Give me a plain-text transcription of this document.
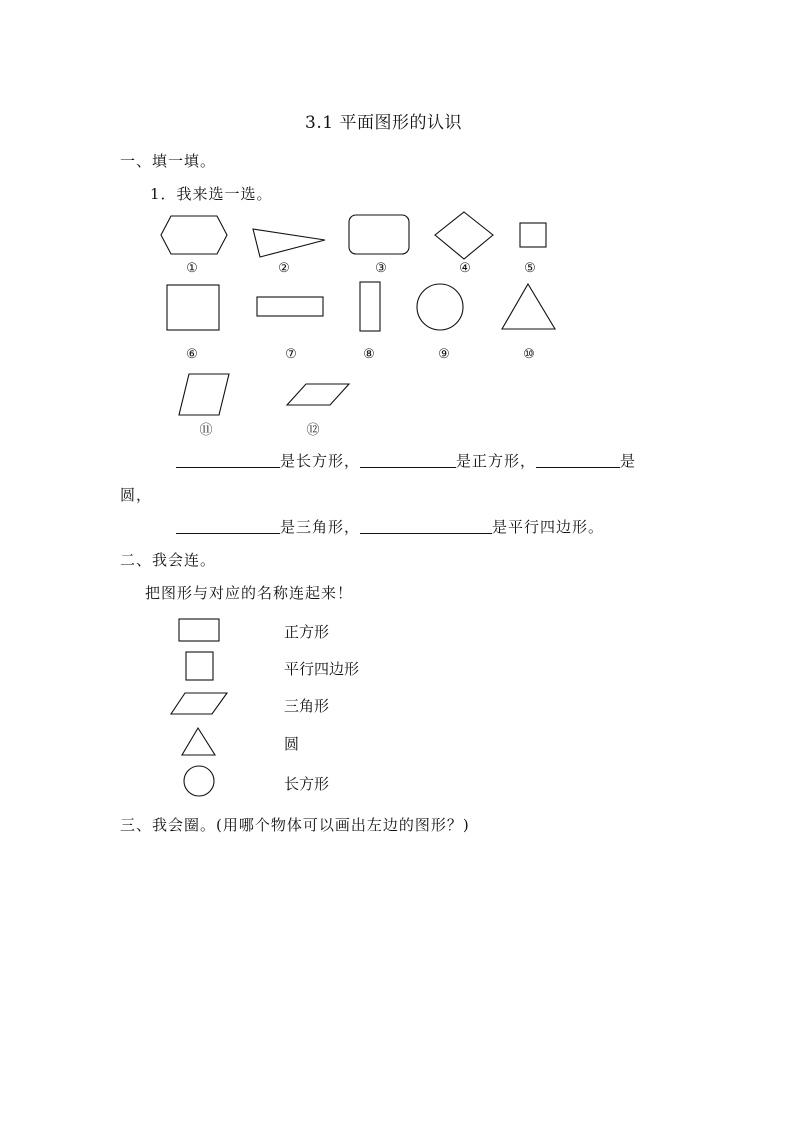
3.1 平面图形的认识
一、填一填。
1．我来选一选。
①	②	③	④	⑤
⑥	⑦	⑧	⑨	⑩
⑪	⑫
是长方形，	是正方形，	是
圆，
是三角形，	是平行四边形。
二、我会连。
把图形与对应的名称连起来！
正方形
平行四边形
三角形
圆
长方形
三、我会圈。(用哪个物体可以画出左边的图形？)
